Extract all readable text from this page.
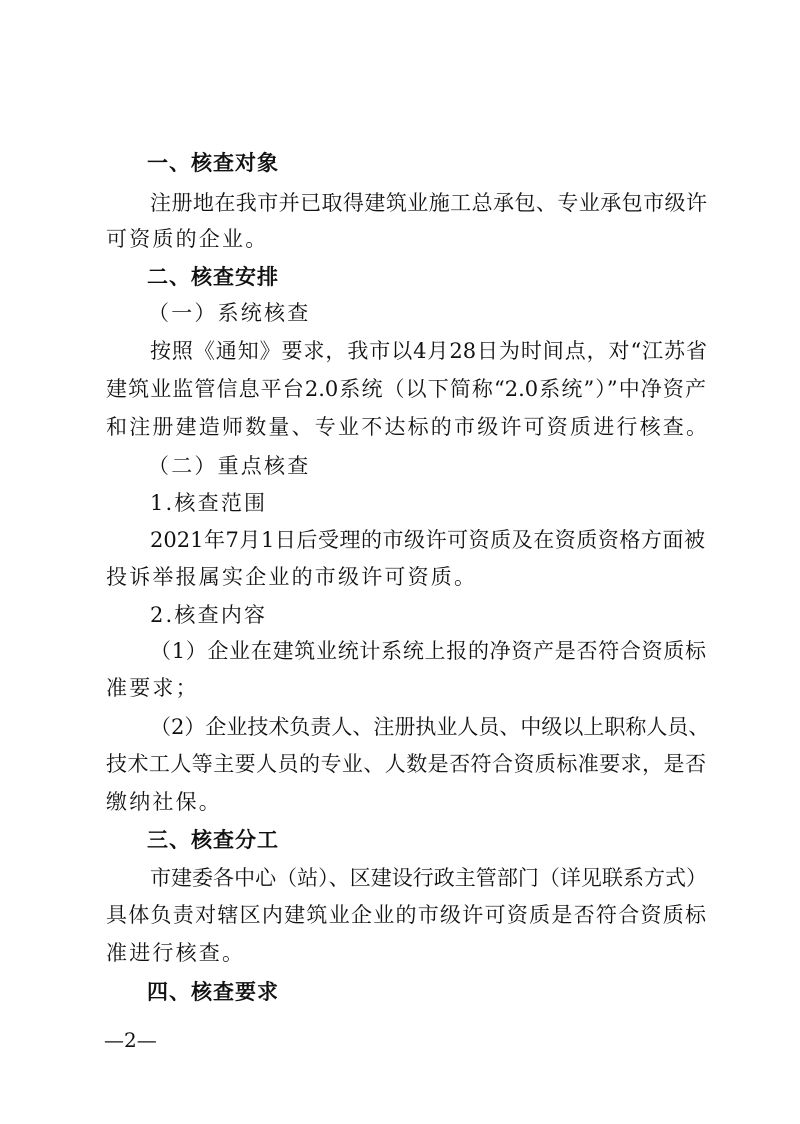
一、核查对象
注册地在我市并已取得建筑业施工总承包、专业承包市级许
可资质的企业。
二、核查安排
（一）系统核查
按照《通知》要求，我市以4月28日为时间点，对“江苏省
建筑业监管信息平台2.0系统（以下简称“2.0系统”）”中净资产
和注册建造师数量、专业不达标的市级许可资质进行核查。
（二）重点核查
1.核查范围
2021年7月1日后受理的市级许可资质及在资质资格方面被
投诉举报属实企业的市级许可资质。
2.核查内容
（1）企业在建筑业统计系统上报的净资产是否符合资质标
准要求；
（2）企业技术负责人、注册执业人员、中级以上职称人员、
技术工人等主要人员的专业、人数是否符合资质标准要求，是否
缴纳社保。
三、核查分工
市建委各中心（站）、区建设行政主管部门（详见联系方式）
具体负责对辖区内建筑业企业的市级许可资质是否符合资质标
准进行核查。
四、核查要求
—2—
